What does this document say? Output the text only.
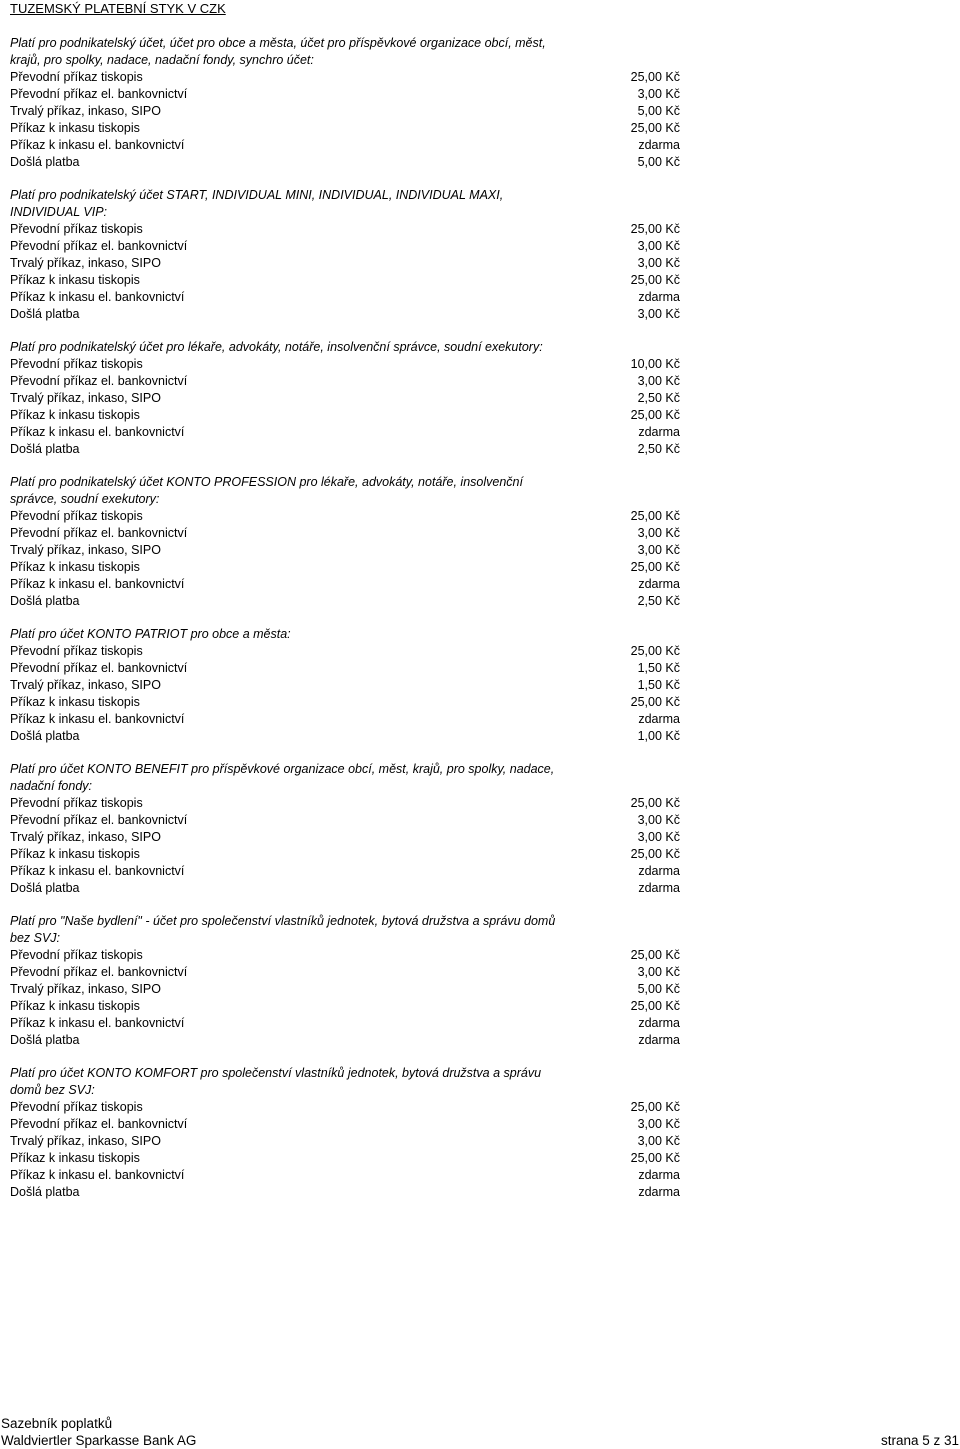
TUZEMSKÝ PLATEBNÍ STYK V CZK

Platí pro podnikatelský účet, účet pro obce a města, účet pro příspěvkové organizace obcí, měst, krajů, pro spolky, nadace, nadační fondy, synchro účet:

Převodní příkaz tiskopis	25,00 Kč
Převodní příkaz el. bankovnictví	3,00 Kč
Trvalý příkaz, inkaso, SIPO	5,00 Kč
Příkaz k inkasu tiskopis	25,00 Kč
Příkaz k inkasu el. bankovnictví	zdarma
Došlá platba	5,00 Kč

Platí pro podnikatelský účet START, INDIVIDUAL MINI, INDIVIDUAL, INDIVIDUAL MAXI, INDIVIDUAL VIP:

Převodní příkaz tiskopis	25,00 Kč
Převodní příkaz el. bankovnictví	3,00 Kč
Trvalý příkaz, inkaso, SIPO	3,00 Kč
Příkaz k inkasu tiskopis	25,00 Kč
Příkaz k inkasu el. bankovnictví	zdarma
Došlá platba	3,00 Kč

Platí pro podnikatelský účet pro lékaře, advokáty, notáře, insolvenční správce, soudní exekutory:

Převodní příkaz tiskopis	10,00 Kč
Převodní příkaz el. bankovnictví	3,00 Kč
Trvalý příkaz, inkaso, SIPO	2,50 Kč
Příkaz k inkasu tiskopis	25,00 Kč
Příkaz k inkasu el. bankovnictví	zdarma
Došlá platba	2,50 Kč

Platí pro podnikatelský účet KONTO PROFESSION pro lékaře, advokáty, notáře, insolvenční správce, soudní exekutory:

Převodní příkaz tiskopis	25,00 Kč
Převodní příkaz el. bankovnictví	3,00 Kč
Trvalý příkaz, inkaso, SIPO	3,00 Kč
Příkaz k inkasu tiskopis	25,00 Kč
Příkaz k inkasu el. bankovnictví	zdarma
Došlá platba	2,50 Kč

Platí pro účet KONTO PATRIOT pro obce a města:

Převodní příkaz tiskopis	25,00 Kč
Převodní příkaz el. bankovnictví	1,50 Kč
Trvalý příkaz, inkaso, SIPO	1,50 Kč
Příkaz k inkasu tiskopis	25,00 Kč
Příkaz k inkasu el. bankovnictví	zdarma
Došlá platba	1,00 Kč

Platí pro účet KONTO BENEFIT pro příspěvkové organizace obcí, měst, krajů, pro spolky, nadace, nadační fondy:

Převodní příkaz tiskopis	25,00 Kč
Převodní příkaz el. bankovnictví	3,00 Kč
Trvalý příkaz, inkaso, SIPO	3,00 Kč
Příkaz k inkasu tiskopis	25,00 Kč
Příkaz k inkasu el. bankovnictví	zdarma
Došlá platba	zdarma

Platí pro "Naše bydlení" - účet pro společenství vlastníků jednotek, bytová družstva a správu domů bez SVJ:

Převodní příkaz tiskopis	25,00 Kč
Převodní příkaz el. bankovnictví	3,00 Kč
Trvalý příkaz, inkaso, SIPO	5,00 Kč
Příkaz k inkasu tiskopis	25,00 Kč
Příkaz k inkasu el. bankovnictví	zdarma
Došlá platba	zdarma

Platí pro účet KONTO KOMFORT pro společenství vlastníků jednotek, bytová družstva a správu domů bez SVJ:

Převodní příkaz tiskopis	25,00 Kč
Převodní příkaz el. bankovnictví	3,00 Kč
Trvalý příkaz, inkaso, SIPO	3,00 Kč
Příkaz k inkasu tiskopis	25,00 Kč
Příkaz k inkasu el. bankovnictví	zdarma
Došlá platba	zdarma
Sazebník poplatků
Waldviertler Sparkasse Bank AG	strana 5 z 31
